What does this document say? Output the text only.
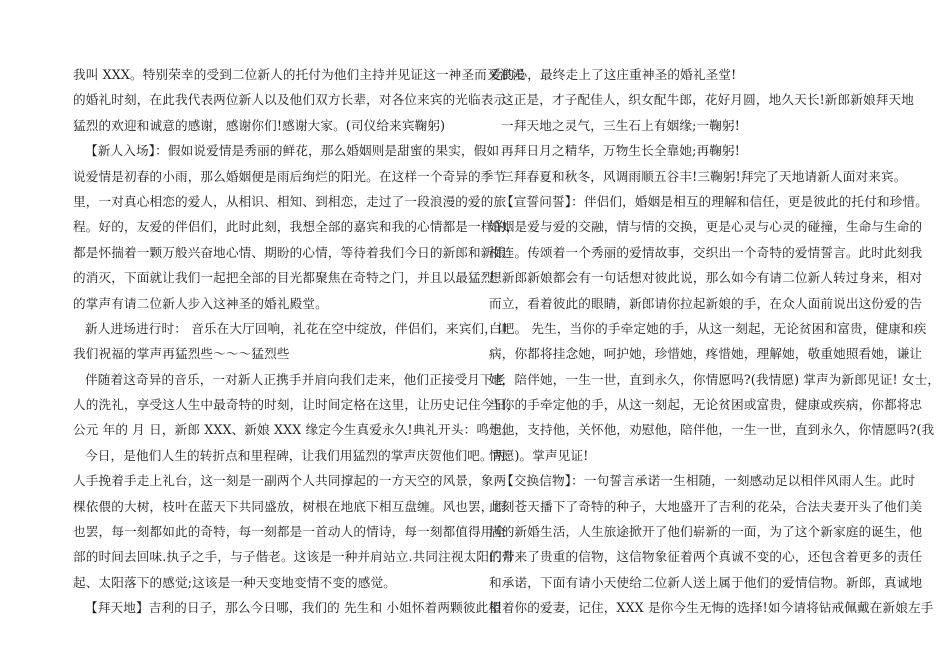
我叫 XXX。特别荣幸的受到二位新人的托付为他们主持并见证这一神圣而又浪漫
的婚礼时刻，在此我代表两位新人以及他们双方长辈，对各位来宾的光临表示
猛烈的欢迎和诚意的感谢，感谢你们!感谢大家。(司仪给来宾鞠躬)
【新人入场】：假如说爱情是秀丽的鲜花，那么婚姻则是甜蜜的果实，假如
说爱情是初春的小雨，那么婚姻便是雨后绚烂的阳光。在这样一个奇异的季节
里，一对真心相恋的爱人，从相识、相知、到相恋，走过了一段浪漫的爱的旅
程。好的，友爱的伴侣们，此时此刻，我想全部的嘉宾和我的心情都是一样的，
都是怀揣着一颗万般兴奋地心情、期盼的心情，等待着我们今日的新郎和新娘
的消灭，下面就让我们一起把全部的目光都聚焦在奇特之门，并且以最猛烈
的掌声有请二位新人步入这神圣的婚礼殿堂。
新人进场进行时： 音乐在大厅回响，礼花在空中绽放，伴侣们，来宾们，让
我们祝福的掌声再猛烈些～～～猛烈些
伴随着这奇异的音乐，一对新人正携手并肩向我们走来，他们正接受月下老
人的洗礼，享受这人生中最奇特的时刻，让时间定格在这里，让历史记住今日，
公元 年的 月 日，新郎 XXX、新娘 XXX 缘定今生真爱永久!典礼开头：鸣炮。
今日，是他们人生的转折点和里程碑，让我们用猛烈的掌声庆贺他们吧。两
人手挽着手走上礼台，这一刻是一副两个人共同撑起的一方天空的风景，象两
棵依偎的大树，枝叶在蓝天下共同盛放，树根在地底下相互盘缠。风也罢，雨
也罢，每一刻都如此的奇特，每一刻都是一首动人的情诗，每一刻都值得用全
部的时间去回味.执子之手，与子偕老。这该是一种并肩站立.共同注视太阳的升
起、太阳落下的感觉;这该是一种天变地变情不变的感觉。
【拜天地】吉利的日子，那么今日哪，我们的 先生和 小姐怀着两颗彼此相
爱的心，最终走上了这庄重神圣的婚礼圣堂!
这正是，才子配佳人，织女配牛郎，花好月圆，地久天长!新郎新娘拜天地
一拜天地之灵气，三生石上有姻缘;一鞠躬!
再拜日月之精华，万物生长全靠她;再鞠躬!
三拜春夏和秋冬，风调雨顺五谷丰!三鞠躬!拜完了天地请新人面对来宾。
【宣誓问誓】：伴侣们，婚姻是相互的理解和信任，更是彼此的托付和珍惜。
婚姻是爱与爱的交融，情与情的交换，更是心灵与心灵的碰撞，生命与生命的
相连。传颂着一个秀丽的爱情故事，交织出一个奇特的爱情誓言。此时此刻我
想新郎新娘都会有一句话想对彼此说，那么如今有请二位新人转过身来，相对
而立，看着彼此的眼睛，新郎请你拉起新娘的手，在众人面前说出这份爱的告
白吧。 先生，当你的手牵定她的手，从这一刻起，无论贫困和富贵，健康和疾
病，你都将挂念她，呵护她，珍惜她，疼惜她，理解她，敬重她照看她，谦让
她，陪伴她，一生一世，直到永久，你情愿吗?(我情愿) 掌声为新郎见证! 女士，
当你的手牵定他的手，从这一刻起，无论贫困或富贵，健康或疾病，你都将忠
于他，支持他，关怀他，劝慰他，陪伴他，一生一世，直到永久，你情愿吗?(我
情愿)。掌声见证!
【交换信物】：一句誓言承诺一生相随，一刻感动足以相伴风雨人生。此时
此刻苍天播下了奇特的种子，大地盛开了吉利的花朵，合法夫妻开头了他们美
满的新婚生活，人生旅途掀开了他们崭新的一面，为了这个新家庭的诞生，他
们带来了贵重的信物，这信物象征着两个真诚不变的心，还包含着更多的责任
和承诺，下面有请小天使给二位新人送上属于他们的爱情信物。新郎，真诚地
望着你的爱妻，记住，XXX 是你今生无悔的选择!如今请将钻戒佩戴在新娘左手
